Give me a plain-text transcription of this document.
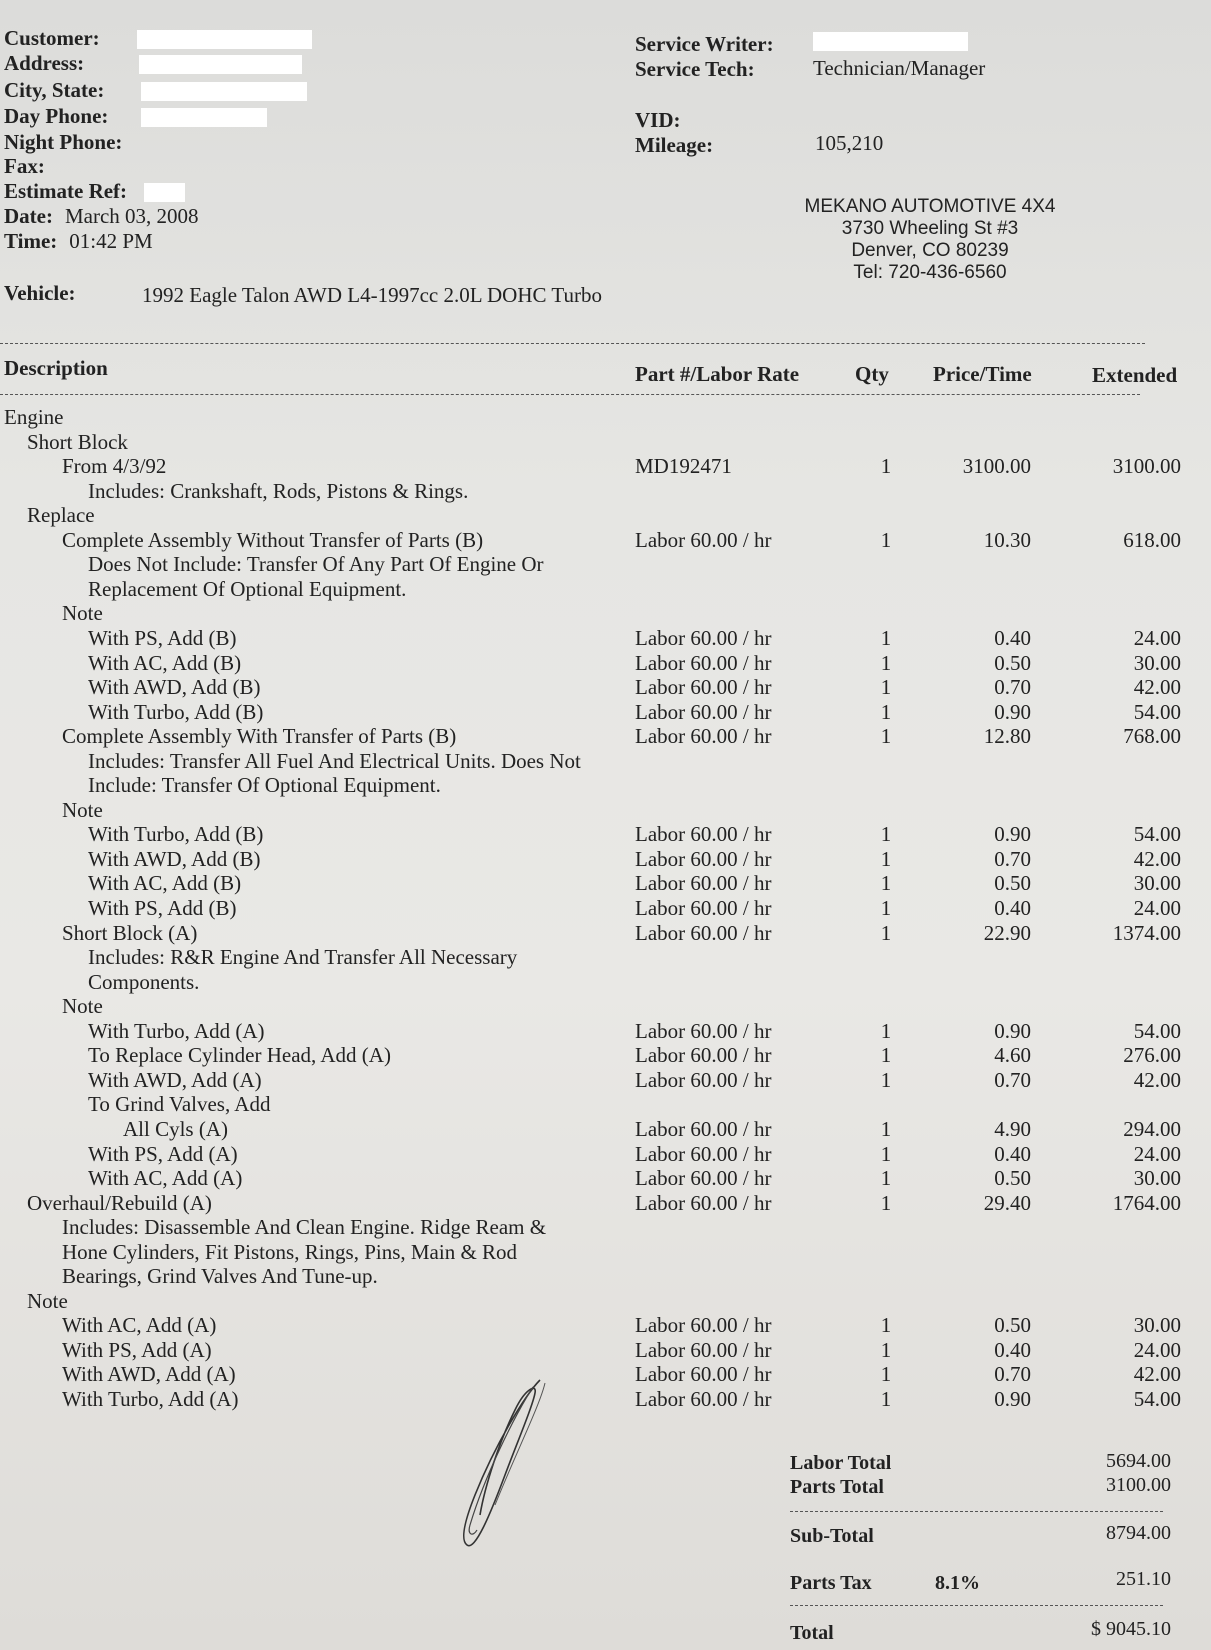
Customer:
Address:
City, State:
Day Phone:
Night Phone:
Fax:
Estimate Ref:
Date: March 03, 2008
Time: 01:42 PM
Service Writer:
Service Tech:	Technician/Manager
VID:
Mileage:	105,210
MEKANO AUTOMOTIVE 4X4
3730 Wheeling St #3
Denver, CO 80239
Tel: 720-436-6560
Vehicle:	1992 Eagle Talon AWD L4-1997cc 2.0L DOHC Turbo
Description	Part #/Labor Rate	Qty Price/Time	Extended
Engine
Short Block
From 4/3/92	MD192471	1	3100.00	3100.00
Includes: Crankshaft, Rods, Pistons & Rings.
Replace
Complete Assembly Without Transfer of Parts (B)	Labor 60.00 / hr	1	10.30	618.00
Does Not Include: Transfer Of Any Part Of Engine Or
Replacement Of Optional Equipment.
Note
With PS, Add (B)	Labor 60.00 / hr	1	0.40	24.00
With AC, Add (B)	Labor 60.00 / hr	1	0.50	30.00
With AWD, Add (B)	Labor 60.00 / hr	1	0.70	42.00
With Turbo, Add (B)	Labor 60.00 / hr	1	0.90	54.00
Complete Assembly With Transfer of Parts (B)	Labor 60.00 / hr	1	12.80	768.00
Includes: Transfer All Fuel And Electrical Units. Does Not
Include: Transfer Of Optional Equipment.
Note
With Turbo, Add (B)	Labor 60.00 / hr	1	0.90	54.00
With AWD, Add (B)	Labor 60.00 / hr	1	0.70	42.00
With AC, Add (B)	Labor 60.00 / hr	1	0.50	30.00
With PS, Add (B)	Labor 60.00 / hr	1	0.40	24.00
Short Block (A)	Labor 60.00 / hr	1	22.90	1374.00
Includes: R&R Engine And Transfer All Necessary
Components.
Note
With Turbo, Add (A)	Labor 60.00 / hr	1	0.90	54.00
To Replace Cylinder Head, Add (A)	Labor 60.00 / hr	1	4.60	276.00
With AWD, Add (A)	Labor 60.00 / hr	1	0.70	42.00
To Grind Valves, Add
All Cyls (A)	Labor 60.00 / hr	1	4.90	294.00
With PS, Add (A)	Labor 60.00 / hr	1	0.40	24.00
With AC, Add (A)	Labor 60.00 / hr	1	0.50	30.00
Overhaul/Rebuild (A)	Labor 60.00 / hr	1	29.40	1764.00
Includes: Disassemble And Clean Engine. Ridge Ream &
Hone Cylinders, Fit Pistons, Rings, Pins, Main & Rod
Bearings, Grind Valves And Tune-up.
Note
With AC, Add (A)	Labor 60.00 / hr	1	0.50	30.00
With PS, Add (A)	Labor 60.00 / hr	1	0.40	24.00
With AWD, Add (A)	Labor 60.00 / hr	1	0.70	42.00
With Turbo, Add (A)	Labor 60.00 / hr	1	0.90	54.00
Labor Total	5694.00
Parts Total	3100.00
Sub-Total	8794.00
Parts Tax	8.1%	251.10
Total	$ 9045.10
